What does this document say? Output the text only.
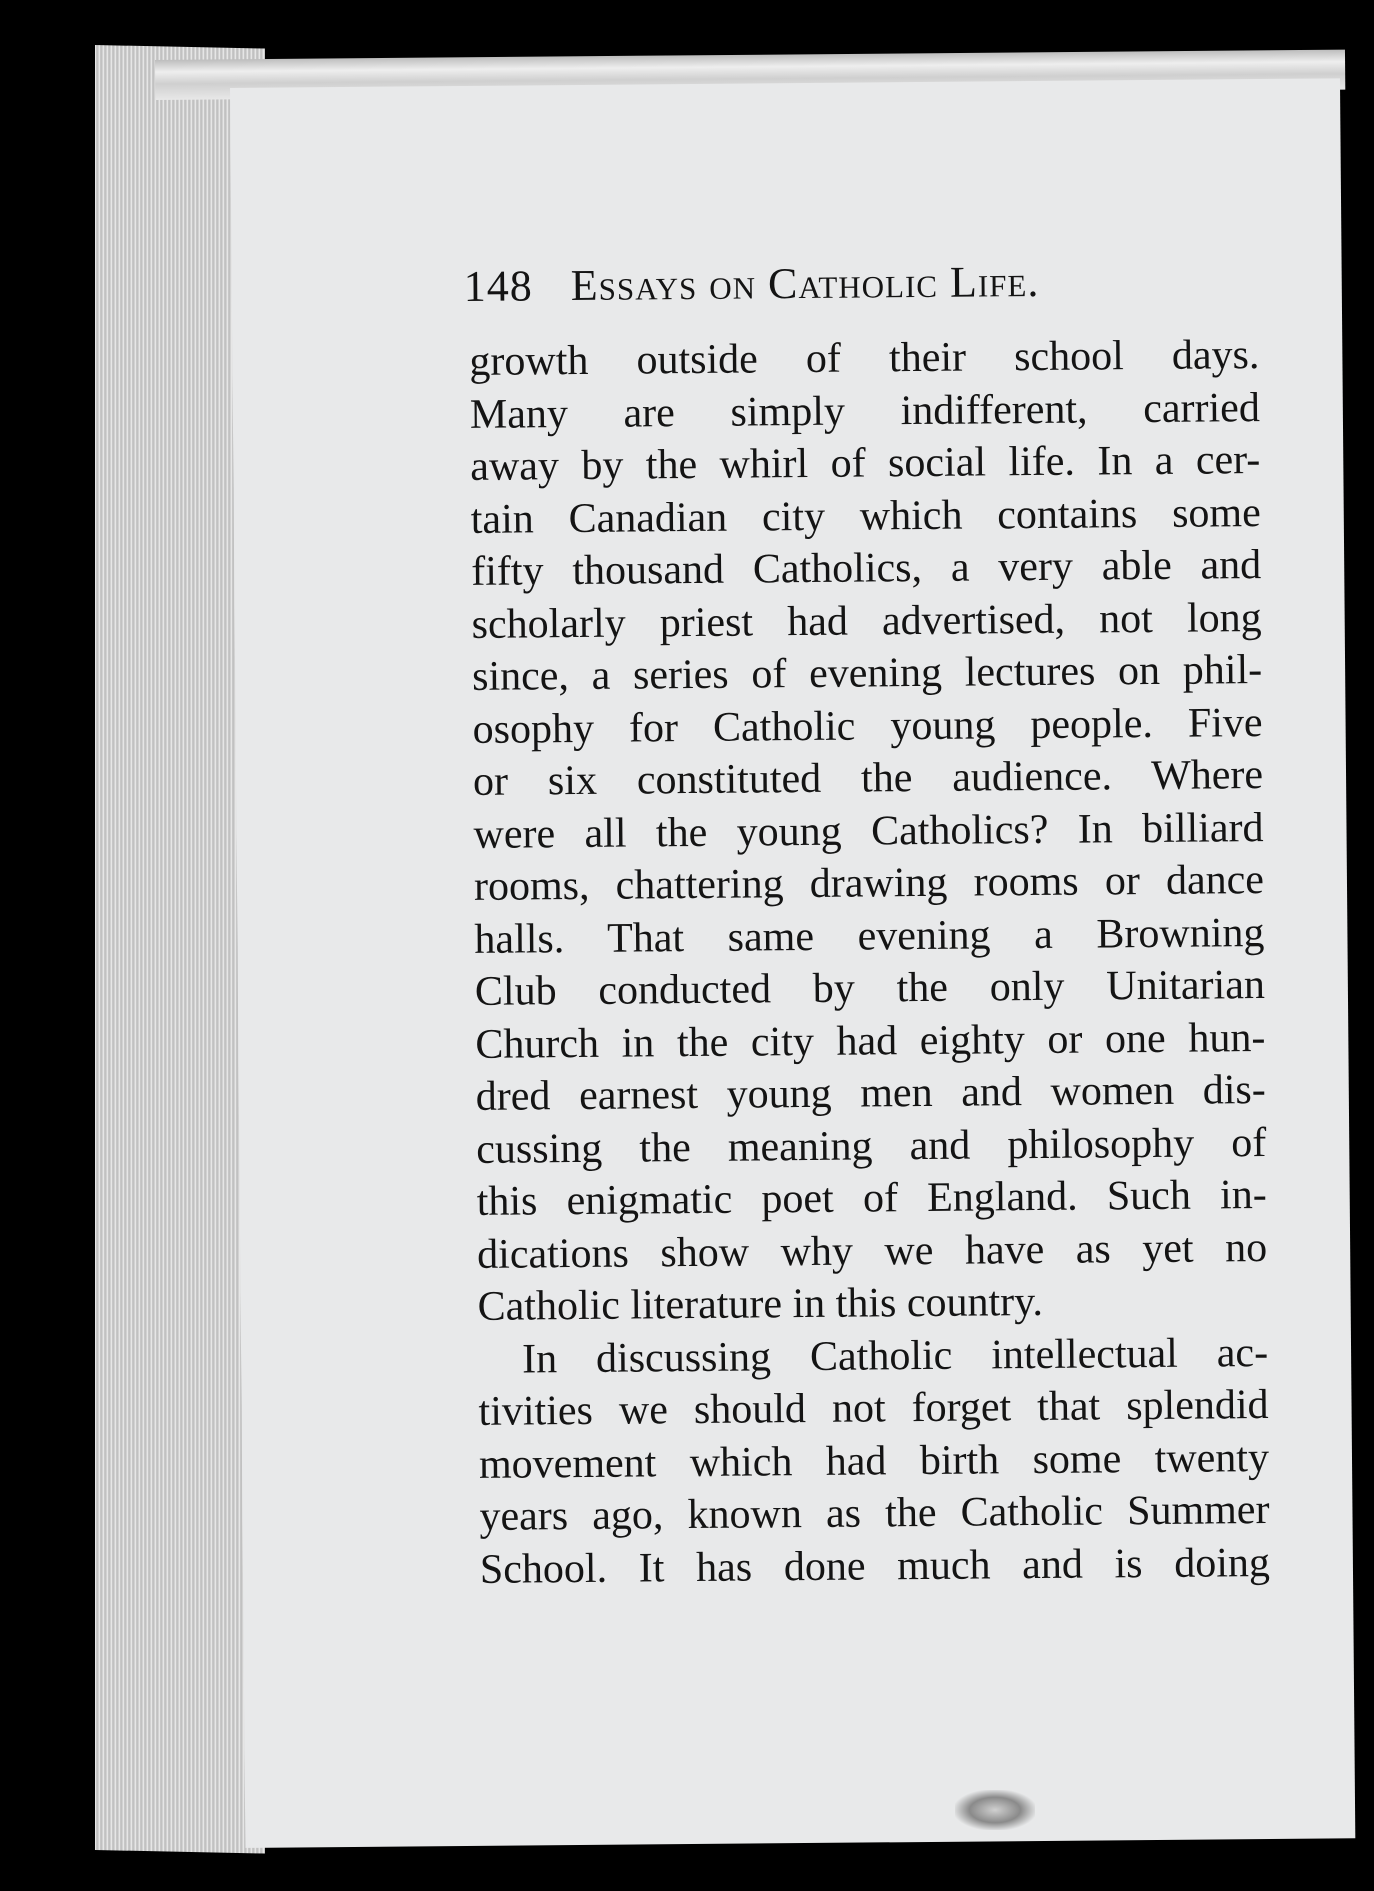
148 Essays on Catholic Life.
growth outside of their school days.
Many are simply indifferent, carried
away by the whirl of social life. In a cer-
tain Canadian city which contains some
fifty thousand Catholics, a very able and
scholarly priest had advertised, not long
since, a series of evening lectures on phil-
osophy for Catholic young people. Five
or six constituted the audience. Where
were all the young Catholics? In billiard
rooms, chattering drawing rooms or dance
halls. That same evening a Browning
Club conducted by the only Unitarian
Church in the city had eighty or one hun-
dred earnest young men and women dis-
cussing the meaning and philosophy of
this enigmatic poet of England. Such in-
dications show why we have as yet no
Catholic literature in this country.
In discussing Catholic intellectual ac-
tivities we should not forget that splendid
movement which had birth some twenty
years ago, known as the Catholic Summer
School. It has done much and is doing
